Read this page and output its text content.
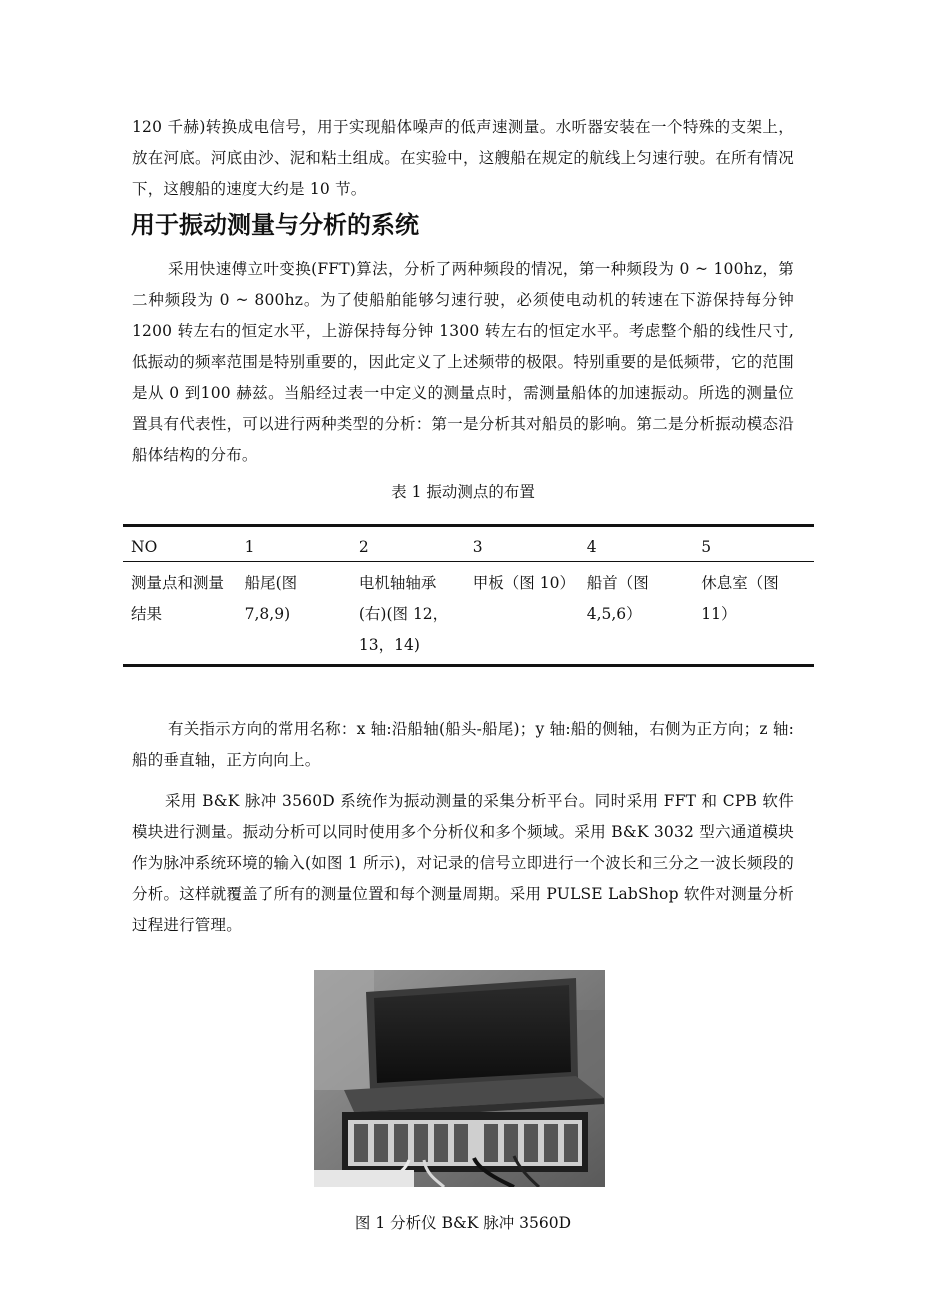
120 千赫)转换成电信号，用于实现船体噪声的低声速测量。水听器安装在一个特殊的支架上，放在河底。河底由沙、泥和粘土组成。在实验中，这艘船在规定的航线上匀速行驶。在所有情况下，这艘船的速度大约是 10 节。

用于振动测量与分析的系统

采用快速傅立叶变换(FFT)算法，分析了两种频段的情况，第一种频段为 0 ~ 100hz，第二种频段为 0 ~ 800hz。为了使船舶能够匀速行驶，必须使电动机的转速在下游保持每分钟 1200 转左右的恒定水平，上游保持每分钟 1300 转左右的恒定水平。考虑整个船的线性尺寸,低振动的频率范围是特别重要的，因此定义了上述频带的极限。特别重要的是低频带，它的范围是从 0 到100 赫兹。当船经过表一中定义的测量点时，需测量船体的加速振动。所选的测量位置具有代表性，可以进行两种类型的分析：第一是分析其对船员的影响。第二是分析振动模态沿船体结构的分布。

表 1 振动测点的布置

NO	1	2	3	4	5
测量点和测量结果	船尾(图 7,8,9)	电机轴轴承(右)(图 12，13，14)	甲板（图 10）	船首（图 4,5,6）	休息室（图 11）

有关指示方向的常用名称：x 轴:沿船轴(船头-船尾)；y 轴:船的侧轴，右侧为正方向；z 轴:船的垂直轴，正方向向上。

采用 B&K 脉冲 3560D 系统作为振动测量的采集分析平台。同时采用 FFT 和 CPB 软件模块进行测量。振动分析可以同时使用多个分析仪和多个频域。采用 B&K 3032 型六通道模块作为脉冲系统环境的输入(如图 1 所示)，对记录的信号立即进行一个波长和三分之一波长频段的分析。这样就覆盖了所有的测量位置和每个测量周期。采用 PULSE LabShop 软件对测量分析过程进行管理。

图 1 分析仪 B&K 脉冲 3560D
